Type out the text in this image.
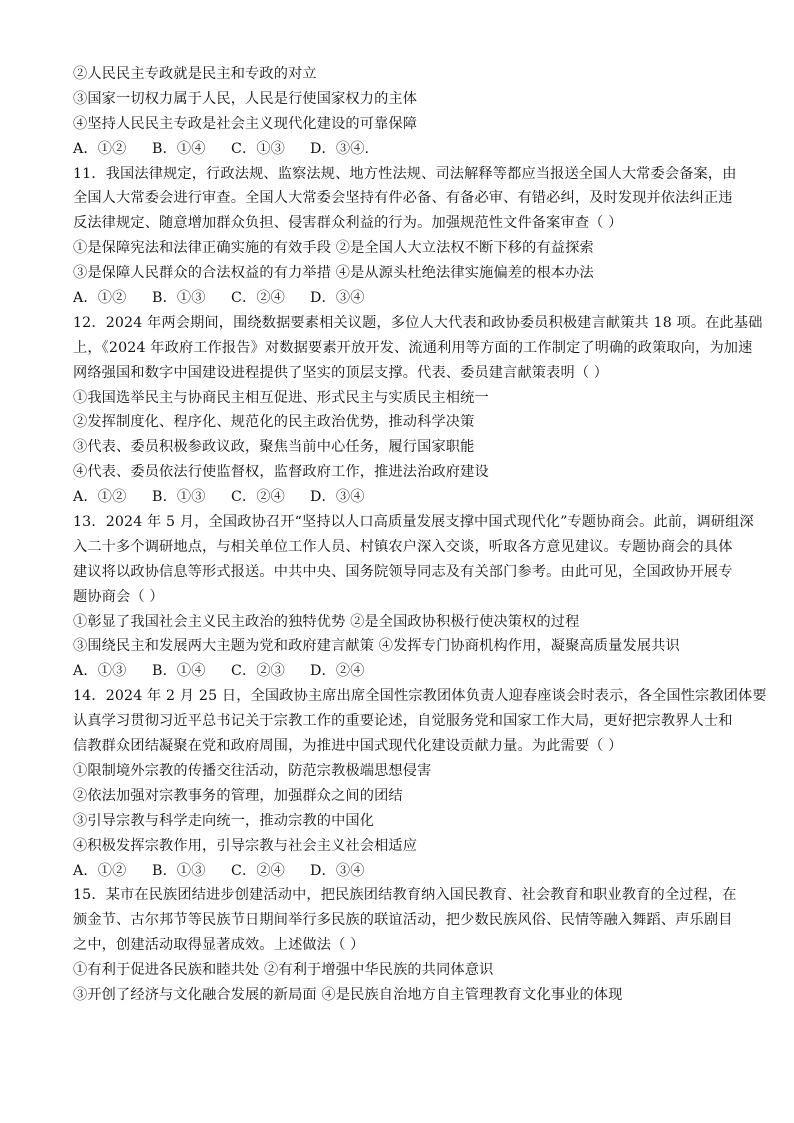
②人民民主专政就是民主和专政的对立
③国家一切权力属于人民，人民是行使国家权力的主体
④坚持人民民主专政是社会主义现代化建设的可靠保障
A．①②	B．①④	C．①③	D．③④.
11．我国法律规定，行政法规、监察法规、地方性法规、司法解释等都应当报送全国人大常委会备案，由
全国人大常委会进行审查。全国人大常委会坚持有件必备、有备必审、有错必纠，及时发现并依法纠正违
反法律规定、随意增加群众负担、侵害群众利益的行为。加强规范性文件备案审查（ ）
①是保障宪法和法律正确实施的有效手段 ②是全国人大立法权不断下移的有益探索
③是保障人民群众的合法权益的有力举措 ④是从源头杜绝法律实施偏差的根本办法
A．①②	B．①③	C．②④	D．③④
12．2024 年两会期间，围绕数据要素相关议题，多位人大代表和政协委员积极建言献策共 18 项。在此基础
上，《2024 年政府工作报告》对数据要素开放开发、流通利用等方面的工作制定了明确的政策取向，为加速
网络强国和数字中国建设进程提供了坚实的顶层支撑。代表、委员建言献策表明（ ）
①我国选举民主与协商民主相互促进、形式民主与实质民主相统一
②发挥制度化、程序化、规范化的民主政治优势，推动科学决策
③代表、委员积极参政议政，聚焦当前中心任务，履行国家职能
④代表、委员依法行使监督权，监督政府工作，推进法治政府建设
A．①②	B．①③	C．②④	D．③④
13．2024 年 5 月，全国政协召开“坚持以人口高质量发展支撑中国式现代化”专题协商会。此前，调研组深
入二十多个调研地点，与相关单位工作人员、村镇农户深入交谈，听取各方意见建议。专题协商会的具体
建议将以政协信息等形式报送。中共中央、国务院领导同志及有关部门参考。由此可见，全国政协开展专
题协商会（ ）
①彰显了我国社会主义民主政治的独特优势 ②是全国政协积极行使决策权的过程
③围绕民主和发展两大主题为党和政府建言献策 ④发挥专门协商机构作用，凝聚高质量发展共识
A．①③	B．①④	C．②③	D．②④
14．2024 年 2 月 25 日，全国政协主席出席全国性宗教团体负责人迎春座谈会时表示，各全国性宗教团体要
认真学习贯彻习近平总书记关于宗教工作的重要论述，自觉服务党和国家工作大局，更好把宗教界人士和
信教群众团结凝聚在党和政府周围，为推进中国式现代化建设贡献力量。为此需要（ ）
①限制境外宗教的传播交往活动，防范宗教极端思想侵害
②依法加强对宗教事务的管理，加强群众之间的团结
③引导宗教与科学走向统一，推动宗教的中国化
④积极发挥宗教作用，引导宗教与社会主义社会相适应
A．①②	B．①③	C．②④	D．③④
15．某市在民族团结进步创建活动中，把民族团结教育纳入国民教育、社会教育和职业教育的全过程，在
颁金节、古尔邦节等民族节日期间举行多民族的联谊活动，把少数民族风俗、民情等融入舞蹈、声乐剧目
之中，创建活动取得显著成效。上述做法（ ）
①有利于促进各民族和睦共处 ②有利于增强中华民族的共同体意识
③开创了经济与文化融合发展的新局面 ④是民族自治地方自主管理教育文化事业的体现
